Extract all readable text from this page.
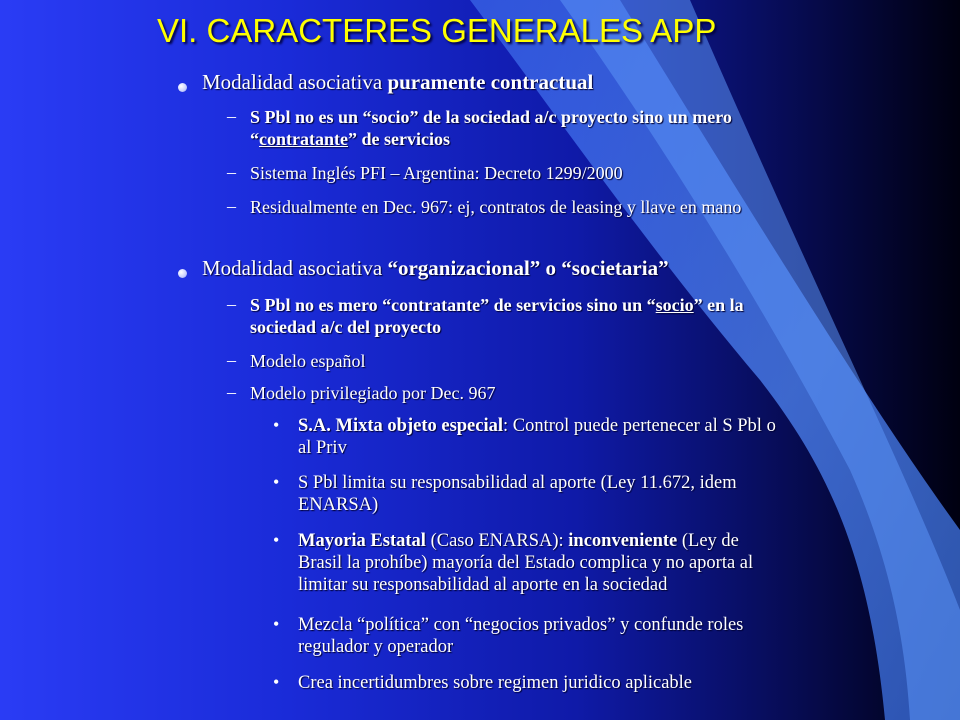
VI. CARACTERES GENERALES APP
Modalidad asociativa puramente contractual
– S Pbl no es un “socio” de la sociedad a/c proyecto sino un mero
“contratante” de servicios
– Sistema Inglés PFI – Argentina: Decreto 1299/2000
– Residualmente en Dec. 967: ej, contratos de leasing y llave en mano
Modalidad asociativa “organizacional” o “societaria”
– S Pbl no es mero “contratante” de servicios sino un “socio” en la
sociedad a/c del proyecto
– Modelo español
– Modelo privilegiado por Dec. 967
• S.A. Mixta objeto especial: Control puede pertenecer al S Pbl o
al Priv
• S Pbl limita su responsabilidad al aporte (Ley 11.672, idem
ENARSA)
• Mayoria Estatal (Caso ENARSA): inconveniente (Ley de
Brasil la prohíbe) mayoría del Estado complica y no aporta al
limitar su responsabilidad al aporte en la sociedad
• Mezcla “política” con “negocios privados” y confunde roles
regulador y operador
• Crea incertidumbres sobre regimen juridico aplicable
